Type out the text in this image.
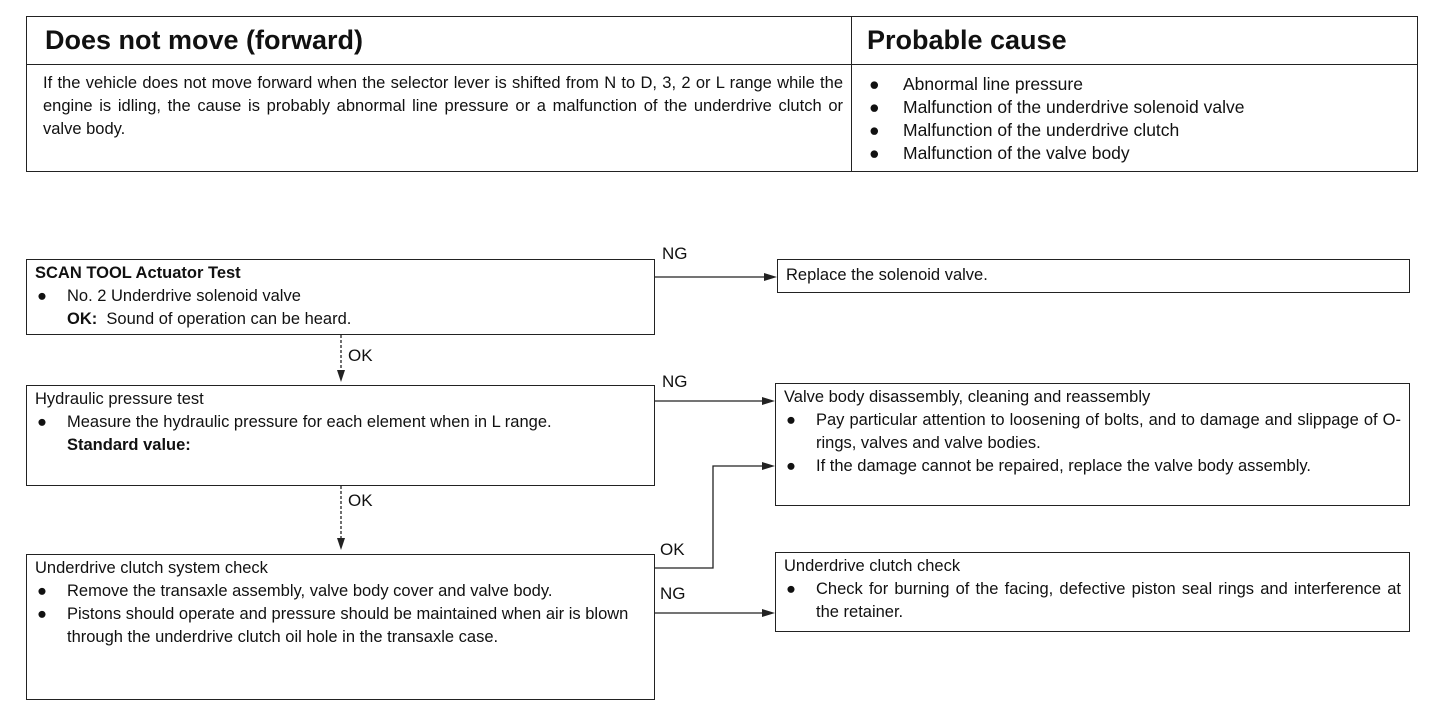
Does not move (forward)	Probable cause
If the vehicle does not move forward when the selector lever is shifted from N to D, 3, 2 or L range while the engine is idling, the cause is probably abnormal line pressure or a malfunction of the underdrive clutch or valve body.
● Abnormal line pressure
● Malfunction of the underdrive solenoid valve
● Malfunction of the underdrive clutch
● Malfunction of the valve body
SCAN TOOL Actuator Test
● No. 2 Underdrive solenoid valve
OK: Sound of operation can be heard.
Hydraulic pressure test
● Measure the hydraulic pressure for each element when in L range.
Standard value:
Underdrive clutch system check
● Remove the transaxle assembly, valve body cover and valve body.
● Pistons should operate and pressure should be maintained when air is blown through the underdrive clutch oil hole in the transaxle case.
Replace the solenoid valve.
Valve body disassembly, cleaning and reassembly
● Pay particular attention to loosening of bolts, and to damage and slippage of O-rings, valves and valve bodies.
● If the damage cannot be repaired, replace the valve body assembly.
Underdrive clutch check
● Check for burning of the facing, defective piston seal rings and interference at the retainer.
NG
OK
NG
OK
OK
NG
